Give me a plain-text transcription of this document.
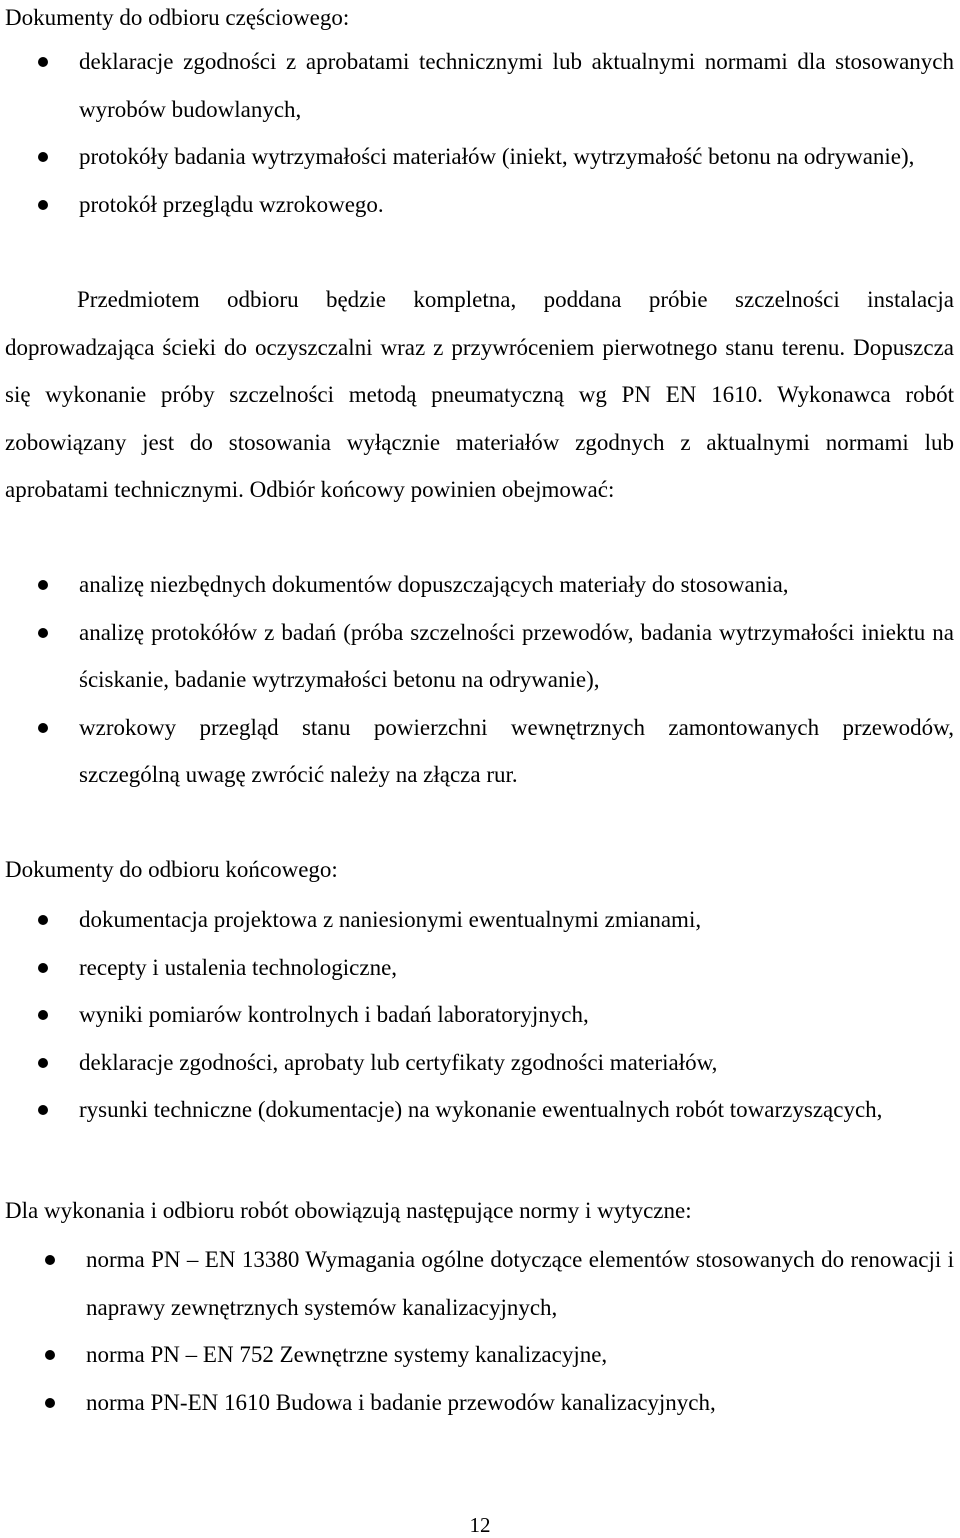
Dokumenty do odbioru częściowego:
deklaracje zgodności z aprobatami technicznymi lub aktualnymi normami dla stosowanych wyrobów budowlanych,
protokóły badania wytrzymałości materiałów (iniekt, wytrzymałość betonu na odrywanie),
protokół przeglądu wzrokowego.
Przedmiotem odbioru będzie kompletna, poddana próbie szczelności instalacja doprowadzająca ścieki do oczyszczalni wraz z przywróceniem pierwotnego stanu terenu. Dopuszcza się wykonanie próby szczelności metodą pneumatyczną wg PN EN 1610. Wykonawca robót zobowiązany jest do stosowania wyłącznie materiałów zgodnych z aktualnymi normami lub aprobatami technicznymi. Odbiór końcowy powinien obejmować:
analizę niezbędnych dokumentów dopuszczających materiały do stosowania,
analizę protokółów z badań (próba szczelności przewodów, badania wytrzymałości iniektu na ściskanie, badanie wytrzymałości betonu na odrywanie),
wzrokowy przegląd stanu powierzchni wewnętrznych zamontowanych przewodów, szczególną uwagę zwrócić należy na złącza rur.
Dokumenty do odbioru końcowego:
dokumentacja projektowa z naniesionymi ewentualnymi zmianami,
recepty i ustalenia technologiczne,
wyniki pomiarów kontrolnych i badań laboratoryjnych,
deklaracje zgodności, aprobaty lub certyfikaty zgodności materiałów,
rysunki techniczne (dokumentacje) na wykonanie ewentualnych robót towarzyszących,
Dla wykonania i odbioru robót obowiązują następujące normy i wytyczne:
norma PN – EN 13380 Wymagania ogólne dotyczące elementów stosowanych do renowacji i naprawy zewnętrznych systemów kanalizacyjnych,
norma PN – EN 752 Zewnętrzne systemy kanalizacyjne,
norma PN-EN 1610 Budowa i badanie przewodów kanalizacyjnych,
12
